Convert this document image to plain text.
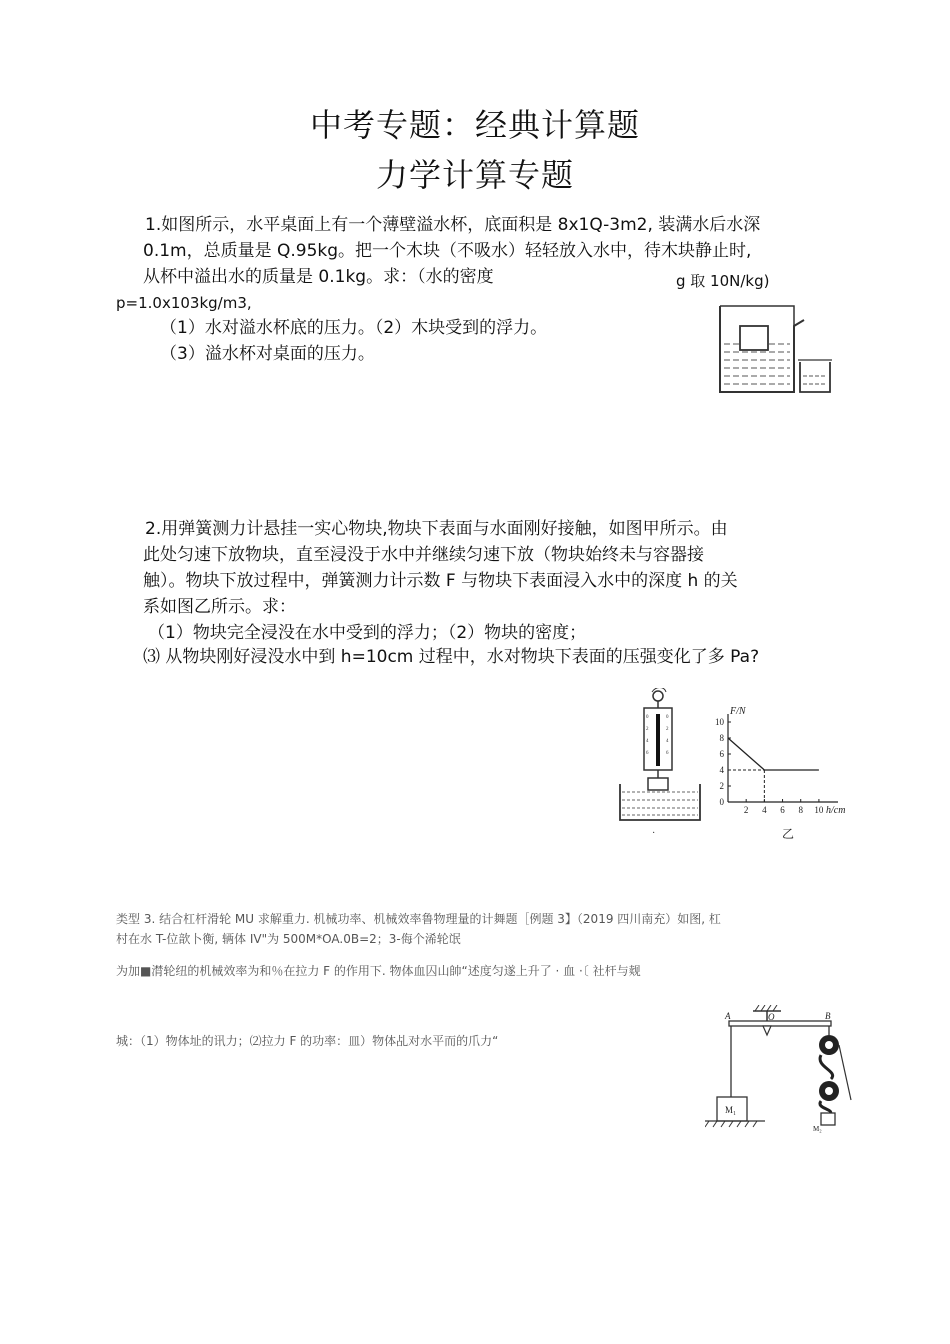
中考专题：经典计算题
力学计算专题
1.如图所示，水平桌面上有一个薄壁溢水杯，底面积是 8x1Q-3m2, 装满水后水深
0.1m，总质量是 Q.95kg。把一个木块（不吸水）轻轻放入水中，待木块静止时,
从杯中溢出水的质量是 0.1kg。求：（水的密度	g 取 10N/kg)
p=1.0x103kg/m3,
（1）水对溢水杯底的压力。（2）木块受到的浮力。
（3）溢水杯对桌面的压力。
2.用弹簧测力计悬挂一实心物块,物块下表面与水面刚好接触，如图甲所示。由
此处匀速下放物块，直至浸没于水中并继续匀速下放（物块始终未与容器接
触）。物块下放过程中，弹簧测力计示数 F 与物块下表面浸入水中的深度 h 的关
系如图乙所示。求：
（1）物块完全浸没在水中受到的浮力；（2）物块的密度；
⑶ 从物块刚好浸没水中到 h=10cm 过程中，水对物块下表面的压强变化了多 Pa?
0
2
4
6
0
2
4
6
·
0
2
4
6
8
10
2 4 6 8 10
F/N
h/cm
乙
类型 3. 结合杠杆滑轮 MU 求解重力. 机械功率、机械效率鲁物理量的计舞题［例题 3】（2019 四川南充）如图, 杠
村在水 T-位歆卜衡, 辆体 IV"为 500M*OA.0B=2；3-侮个浠轮氓
为加■潸轮纽的机械效率为和％在拉力 F 的作用下. 物体血囚山帥“述度匀遂上升了 · 血 ·〔 社杆与觌
城：（1）物体址的讯力；⑵拉力 F 的功率：皿）物体乩对水平而的爪力“
A	O	B
M₁
M₂
